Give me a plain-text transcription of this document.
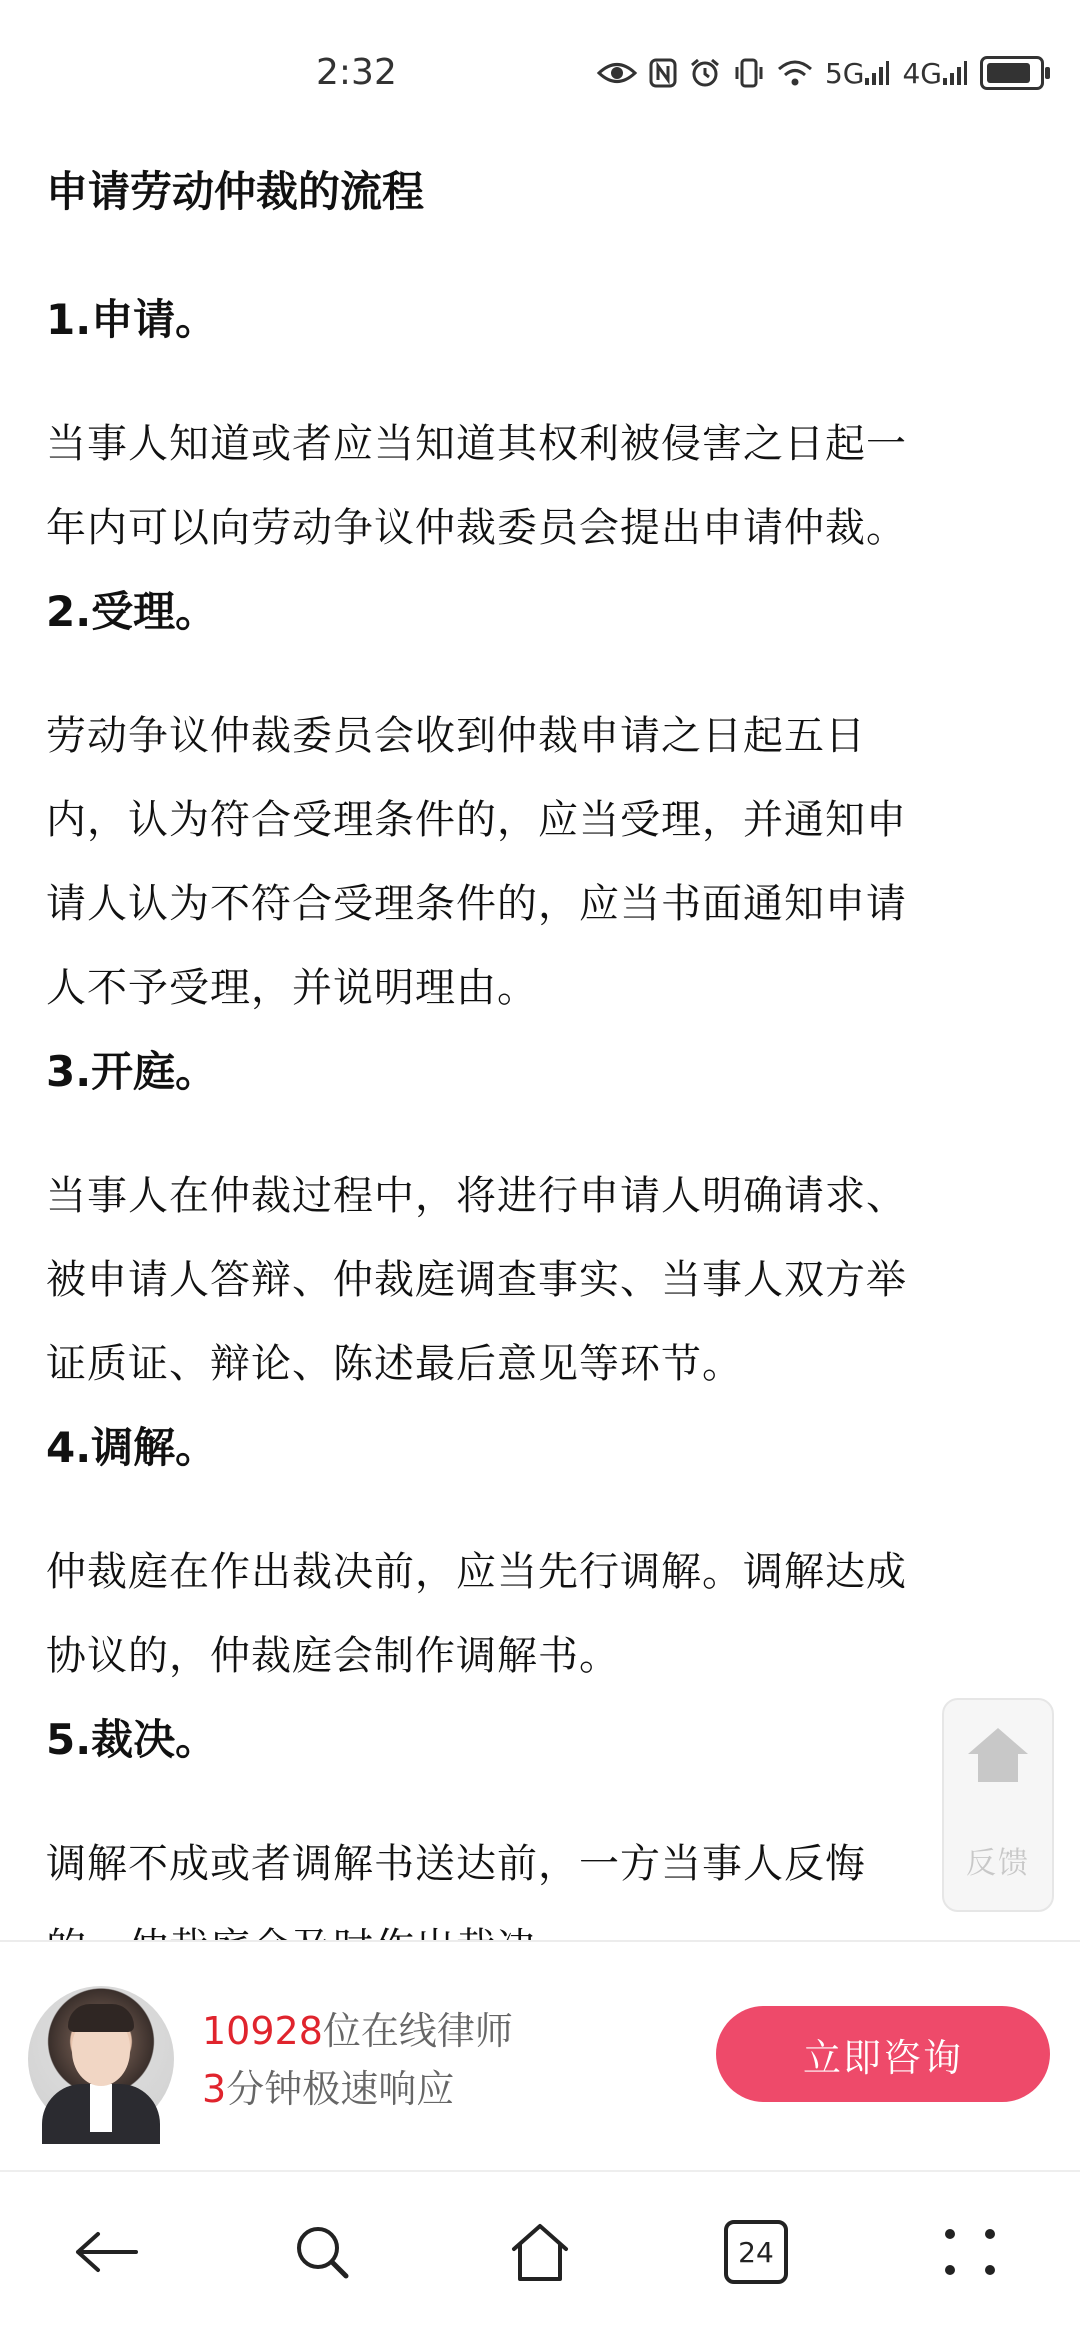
2:32	5G 4G

申请劳动仲裁的流程

1.申请。

当事人知道或者应当知道其权利被侵害之日起一

年内可以向劳动争议仲裁委员会提出申请仲裁。

2.受理。

劳动争议仲裁委员会收到仲裁申请之日起五日

内，认为符合受理条件的，应当受理，并通知申

请人认为不符合受理条件的，应当书面通知申请

人不予受理，并说明理由。

3.开庭。

当事人在仲裁过程中，将进行申请人明确请求、

被申请人答辩、仲裁庭调查事实、当事人双方举

证质证、辩论、陈述最后意见等环节。

4.调解。

仲裁庭在作出裁决前，应当先行调解。调解达成

协议的，仲裁庭会制作调解书。

5.裁决。

调解不成或者调解书送达前，一方当事人反悔	反馈
10928位在线律师
3分钟极速响应
立即咨询
24
